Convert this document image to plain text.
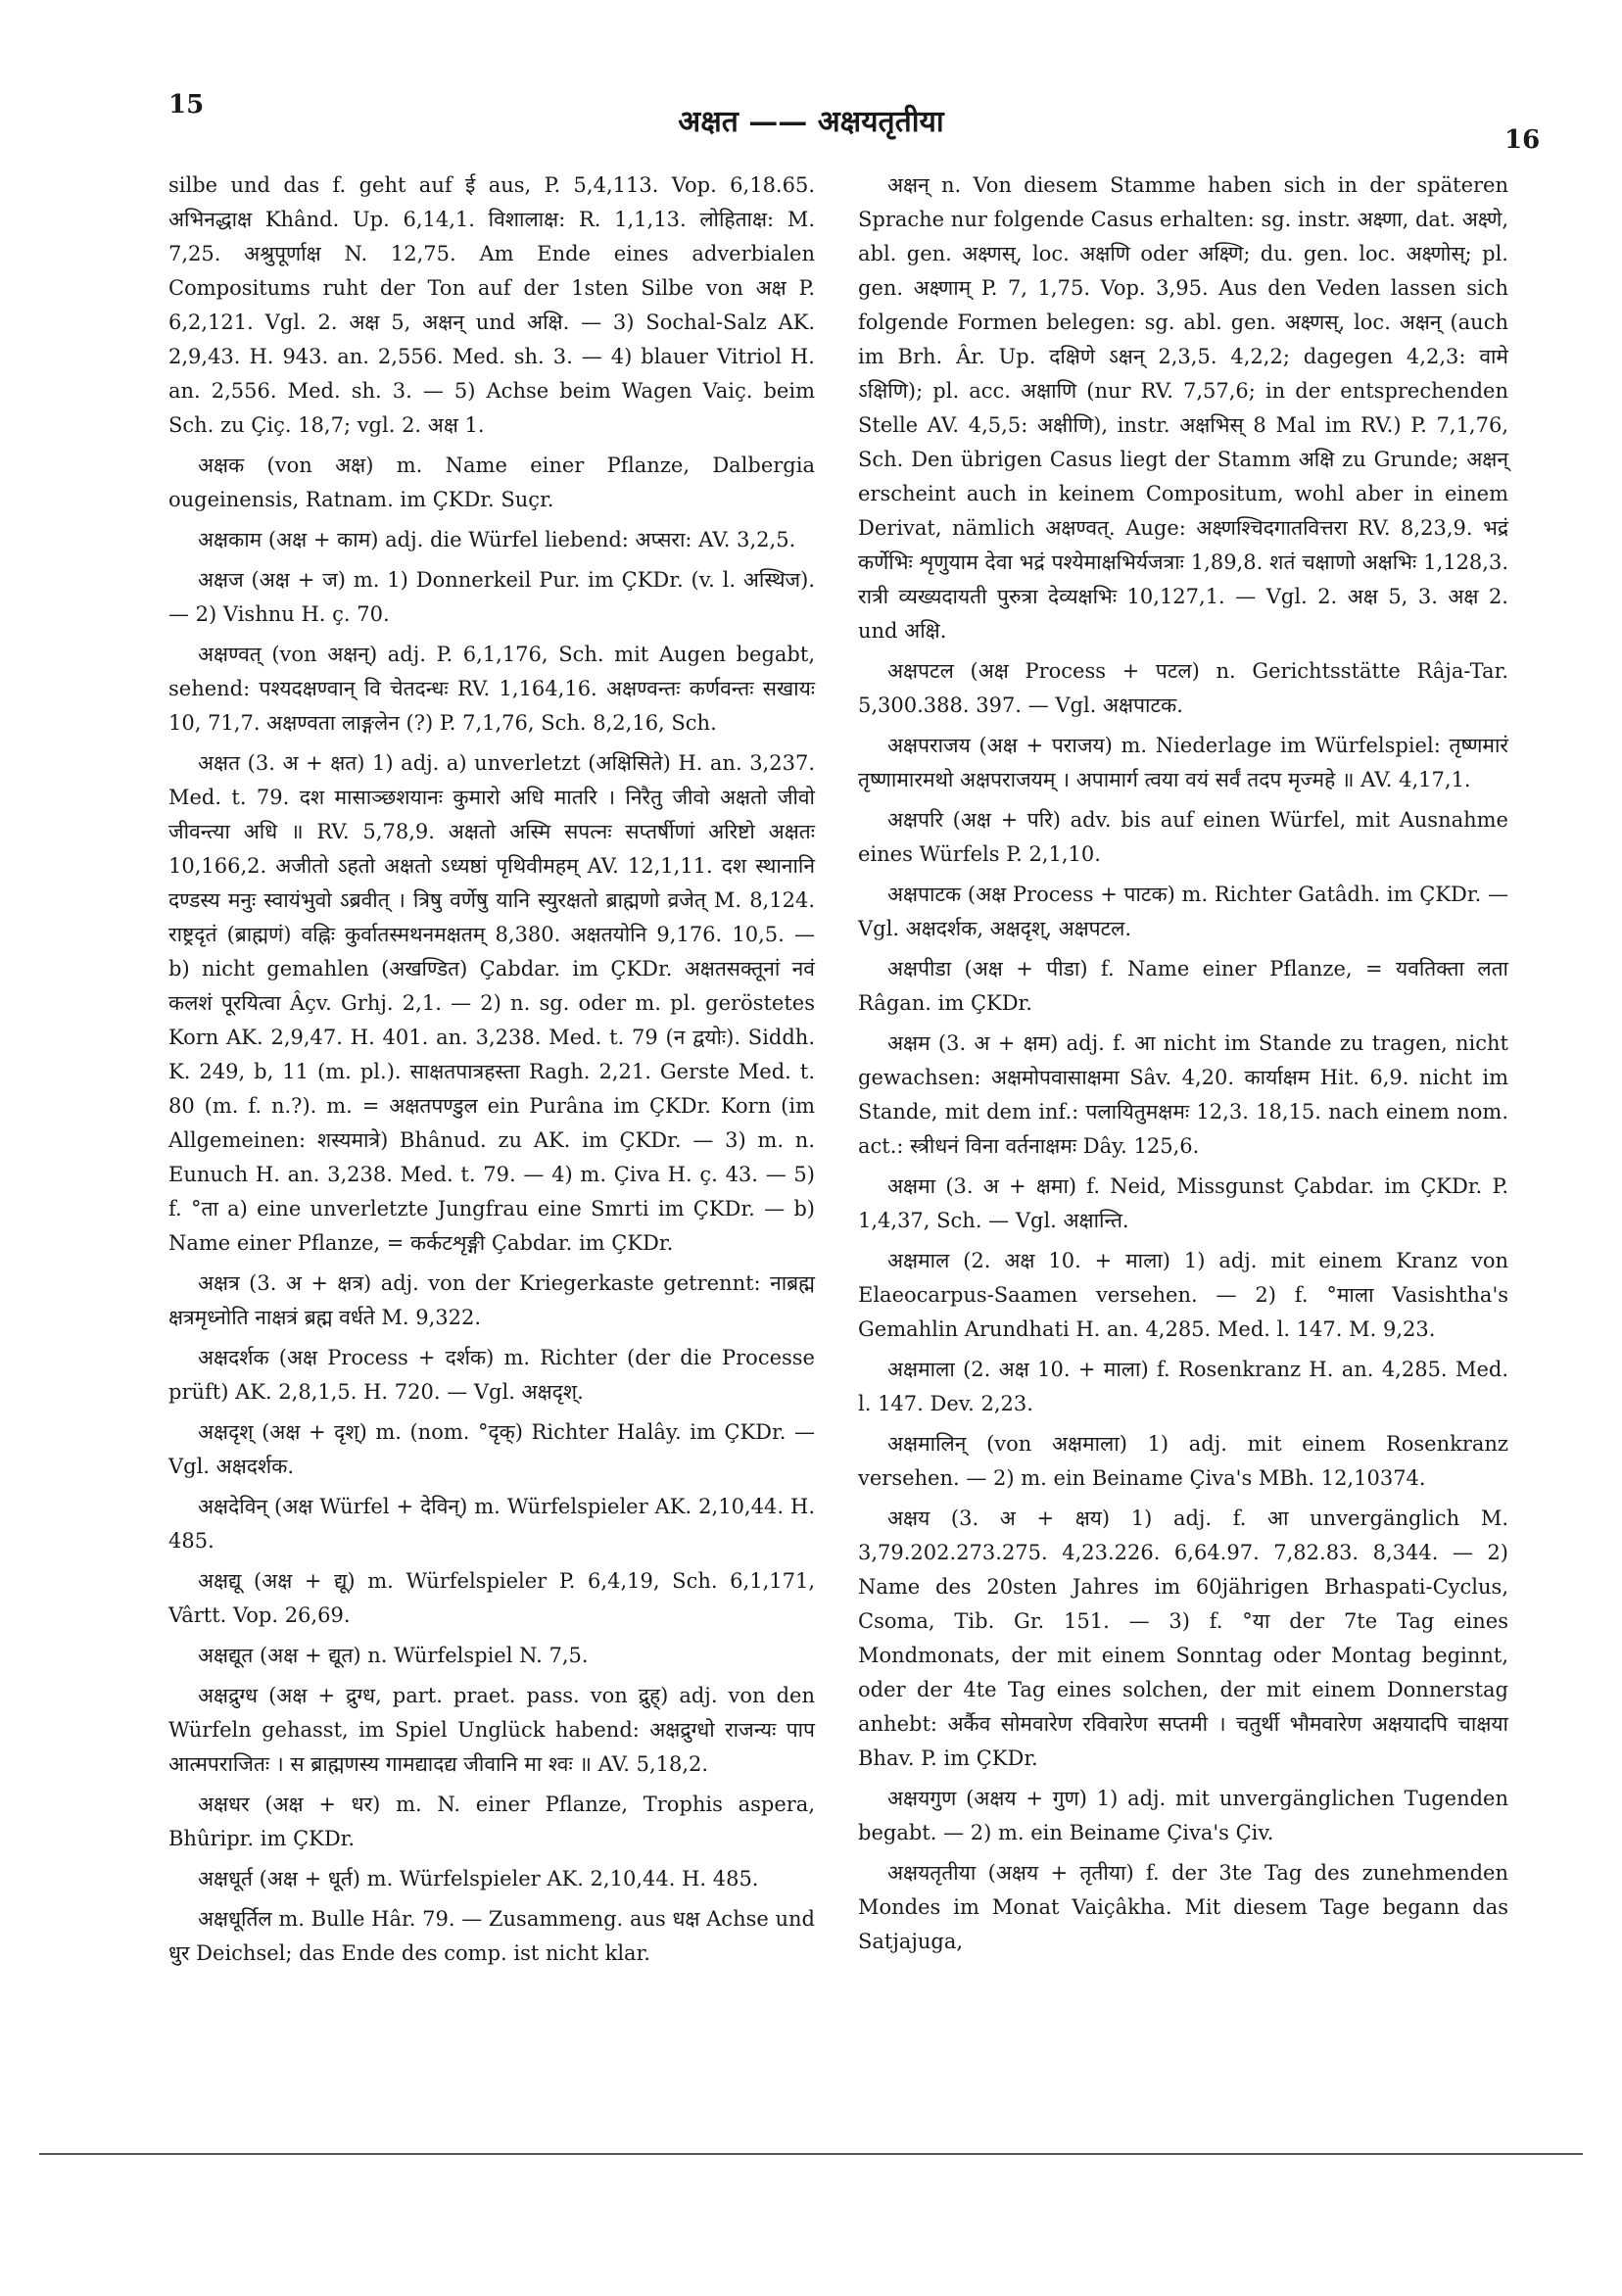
15	अक्षत —— अक्षयतृतीया
16

silbe und das f. geht auf ई aus, P. 5,4,113. Vop. 6,18.65. अभिनद्धाक्ष Khând. Up. 6,14,1. विशालाक्ष: R. 1,1,13. लोहिताक्ष: M. 7,25. अश्रुपूर्णाक्ष N. 12,75. Am Ende eines adverbialen Compositums ruht der Ton auf der 1sten Silbe von अक्ष P. 6,2,121. Vgl. 2. अक्ष 5, अक्षन् und अक्षि. — 3) Sochal-Salz AK. 2,9,43. H. 943. an. 2,556. Med. sh. 3. — 4) blauer Vitriol H. an. 2,556. Med. sh. 3. — 5) Achse beim Wagen Vaiç. beim Sch. zu Çiç. 18,7; vgl. 2. अक्ष 1.

अक्षक (von अक्ष) m. Name einer Pflanze, Dalbergia ougeinensis, Ratnam. im ÇKDr. Suçr.

अक्षकाम (अक्ष + काम) adj. die Würfel liebend: अप्सरा: AV. 3,2,5.

अक्षज (अक्ष + ज) m. 1) Donnerkeil Pur. im ÇKDr. (v. l. अस्थिज). — 2) Vishnu H. ç. 70.

अक्षण्वत् (von अक्षन्) adj. P. 6,1,176, Sch. mit Augen begabt, sehend: पश्यदक्षण्वान् वि चेतदन्धः RV. 1,164,16. अक्षण्वन्तः कर्णवन्तः सखायः 10, 71,7. अक्षण्वता लाङ्गलेन (?) P. 7,1,76, Sch. 8,2,16, Sch.

अक्षत (3. अ + क्षत) 1) adj. a) unverletzt (अक्षिसिते) H. an. 3,237. Med. t. 79. दश मासाञ्छशयानः कुमारो अधि मातरि । निरैतु जीवो अक्षतो जीवो जीवन्त्या अधि ॥ RV. 5,78,9. अक्षतो अस्मि सपत्नः सप्तर्षीणां अरिष्टो अक्षतः 10,166,2. अजीतो ऽहतो अक्षतो ऽध्यष्ठां पृथिवीमहम् AV. 12,1,11. दश स्थानानि दण्डस्य मनुः स्वायंभुवो ऽब्रवीत् । त्रिषु वर्णेषु यानि स्युरक्षतो ब्राह्मणो व्रजेत् M. 8,124. राष्ट्रदृतं (ब्राह्मणं) वह्निः कुर्वातस्मथनमक्षतम् 8,380. अक्षतयोनि 9,176. 10,5. — b) nicht gemahlen (अखण्डित) Çabdar. im ÇKDr. अक्षतसक्तूनां नवं कलशं पूरयित्वा Âçv. Grhj. 2,1. — 2) n. sg. oder m. pl. geröstetes Korn AK. 2,9,47. H. 401. an. 3,238. Med. t. 79 (न द्वयोः). Siddh. K. 249, b, 11 (m. pl.). साक्षतपात्रहस्ता Ragh. 2,21. Gerste Med. t. 80 (m. f. n.?). m. = अक्षतपण्डुल ein Purâna im ÇKDr. Korn (im Allgemeinen: शस्यमात्रे) Bhânud. zu AK. im ÇKDr. — 3) m. n. Eunuch H. an. 3,238. Med. t. 79. — 4) m. Çiva H. ç. 43. — 5) f. °ता a) eine unverletzte Jungfrau eine Smrti im ÇKDr. — b) Name einer Pflanze, = कर्कटशृङ्गी Çabdar. im ÇKDr.

अक्षत्र (3. अ + क्षत्र) adj. von der Kriegerkaste getrennt: नाब्रह्म क्षत्रमृध्नोति नाक्षत्रं ब्रह्म वर्धते M. 9,322.

अक्षदर्शक (अक्ष Process + दर्शक) m. Richter (der die Processe prüft) AK. 2,8,1,5. H. 720. — Vgl. अक्षदृश्.

अक्षदृश् (अक्ष + दृश्) m. (nom. °दृक्) Richter Halây. im ÇKDr. — Vgl. अक्षदर्शक.

अक्षदेविन् (अक्ष Würfel + देविन्) m. Würfelspieler AK. 2,10,44. H. 485.

अक्षद्यू (अक्ष + द्यू) m. Würfelspieler P. 6,4,19, Sch. 6,1,171, Vârtt. Vop. 26,69.

अक्षद्यूत (अक्ष + द्यूत) n. Würfelspiel N. 7,5.

अक्षद्रुग्ध (अक्ष + द्रुग्ध, part. praet. pass. von द्रुह्) adj. von den Würfeln gehasst, im Spiel Unglück habend: अक्षद्रुग्धो राजन्यः पाप आत्मपराजितः । स ब्राह्मणस्य गामद्यादद्य जीवानि मा श्वः ॥ AV. 5,18,2.

अक्षधर (अक्ष + धर) m. N. einer Pflanze, Trophis aspera, Bhûripr. im ÇKDr.

अक्षधूर्त (अक्ष + धूर्त) m. Würfelspieler AK. 2,10,44. H. 485.

अक्षधूर्तिल m. Bulle Hâr. 79. — Zusammeng. aus धक्ष Achse und धुर Deichsel; das Ende des comp. ist nicht klar.

अक्षन् n. Von diesem Stamme haben sich in der späteren Sprache nur folgende Casus erhalten: sg. instr. अक्ष्णा, dat. अक्ष्णे, abl. gen. अक्ष्णस्, loc. अक्षणि oder अक्ष्णि; du. gen. loc. अक्ष्णोस्; pl. gen. अक्ष्णाम् P. 7, 1,75. Vop. 3,95. Aus den Veden lassen sich folgende Formen belegen: sg. abl. gen. अक्ष्णस्, loc. अक्षन् (auch im Brh. Âr. Up. दक्षिणे ऽक्षन् 2,3,5. 4,2,2; dagegen 4,2,3: वामे ऽक्षिणि); pl. acc. अक्षाणि (nur RV. 7,57,6; in der entsprechenden Stelle AV. 4,5,5: अक्षीणि), instr. अक्षभिस् 8 Mal im RV.) P. 7,1,76, Sch. Den übrigen Casus liegt der Stamm अक्षि zu Grunde; अक्षन् erscheint auch in keinem Compositum, wohl aber in einem Derivat, nämlich अक्षण्वत्. Auge: अक्ष्णश्चिदगातवित्तरा RV. 8,23,9. भद्रं कर्णेभिः शृणुयाम देवा भद्रं पश्येमाक्षभिर्यजत्राः 1,89,8. शतं चक्षाणो अक्षभिः 1,128,3. रात्री व्यख्यदायती पुरुत्रा देव्यक्षभिः 10,127,1. — Vgl. 2. अक्ष 5, 3. अक्ष 2. und अक्षि.

अक्षपटल (अक्ष Process + पटल) n. Gerichtsstätte Râja-Tar. 5,300.388. 397. — Vgl. अक्षपाटक.

अक्षपराजय (अक्ष + पराजय) m. Niederlage im Würfelspiel: तृष्णमारं तृष्णामारमथो अक्षपराजयम् । अपामार्ग त्वया वयं सर्वं तदप मृज्महे ॥ AV. 4,17,1.

अक्षपरि (अक्ष + परि) adv. bis auf einen Würfel, mit Ausnahme eines Würfels P. 2,1,10.

अक्षपाटक (अक्ष Process + पाटक) m. Richter Gatâdh. im ÇKDr. — Vgl. अक्षदर्शक, अक्षदृश्, अक्षपटल.

अक्षपीडा (अक्ष + पीडा) f. Name einer Pflanze, = यवतिक्ता लता Râgan. im ÇKDr.

अक्षम (3. अ + क्षम) adj. f. आ nicht im Stande zu tragen, nicht gewachsen: अक्षमोपवासाक्षमा Sâv. 4,20. कार्याक्षम Hit. 6,9. nicht im Stande, mit dem inf.: पलायितुमक्षमः 12,3. 18,15. nach einem nom. act.: स्त्रीधनं विना वर्तनाक्षमः Dây. 125,6.

अक्षमा (3. अ + क्षमा) f. Neid, Missgunst Çabdar. im ÇKDr. P. 1,4,37, Sch. — Vgl. अक्षान्ति.

अक्षमाल (2. अक्ष 10. + माला) 1) adj. mit einem Kranz von Elaeocarpus-Saamen versehen. — 2) f. °माला Vasishtha's Gemahlin Arundhati H. an. 4,285. Med. l. 147. M. 9,23.

अक्षमाला (2. अक्ष 10. + माला) f. Rosenkranz H. an. 4,285. Med. l. 147. Dev. 2,23.

अक्षमालिन् (von अक्षमाला) 1) adj. mit einem Rosenkranz versehen. — 2) m. ein Beiname Çiva's MBh. 12,10374.

अक्षय (3. अ + क्षय) 1) adj. f. आ unvergänglich M. 3,79.202.273.275. 4,23.226. 6,64.97. 7,82.83. 8,344. — 2) Name des 20sten Jahres im 60jährigen Brhaspati-Cyclus, Csoma, Tib. Gr. 151. — 3) f. °या der 7te Tag eines Mondmonats, der mit einem Sonntag oder Montag beginnt, oder der 4te Tag eines solchen, der mit einem Donnerstag anhebt: अर्कैव सोमवारेण रविवारेण सप्तमी । चतुर्थी भौमवारेण अक्षयादपि चाक्षया Bhav. P. im ÇKDr.

अक्षयगुण (अक्षय + गुण) 1) adj. mit unvergänglichen Tugenden begabt. — 2) m. ein Beiname Çiva's Çiv.

अक्षयतृतीया (अक्षय + तृतीया) f. der 3te Tag des zunehmenden Mondes im Monat Vaiçâkha. Mit diesem Tage begann das Satjajuga,
